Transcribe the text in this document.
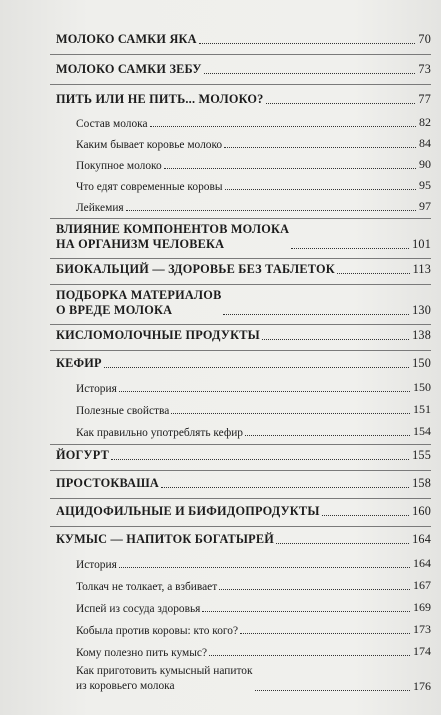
МОЛОКО САМКИ ЯКА	70
МОЛОКО САМКИ ЗЕБУ	73
ПИТЬ ИЛИ НЕ ПИТЬ... МОЛОКО?	77
Состав молока	82
Каким бывает коровье молоко	84
Покупное молоко	90
Что едят современные коровы	95
Лейкемия	97
ВЛИЯНИЕ КОМПОНЕНТОВ МОЛОКА
НА ОРГАНИЗМ ЧЕЛОВЕКА	101
БИОКАЛЬЦИЙ — ЗДОРОВЬЕ БЕЗ ТАБЛЕТОК	113
ПОДБОРКА МАТЕРИАЛОВ
О ВРЕДЕ МОЛОКА	130
КИСЛОМОЛОЧНЫЕ ПРОДУКТЫ	138
КЕФИР	150
История	150
Полезные свойства	151
Как правильно употреблять кефир	154
ЙОГУРТ	155
ПРОСТОКВАША	158
АЦИДОФИЛЬНЫЕ И БИФИДОПРОДУКТЫ	160
КУМЫС — НАПИТОК БОГАТЫРЕЙ	164
История	164
Толкач не толкает, а взбивает	167
Испей из сосуда здоровья	169
Кобыла против коровы: кто кого?	173
Кому полезно пить кумыс?	174
Как приготовить кумысный напиток
из коровьего молока	176
